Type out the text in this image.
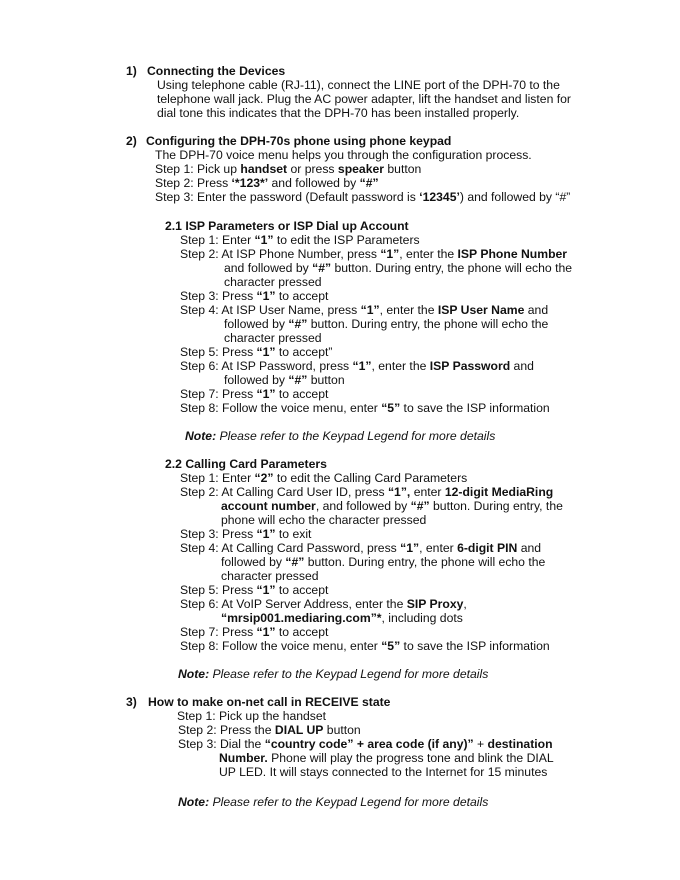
1) Connecting the Devices
Using telephone cable (RJ-11), connect the LINE port of the DPH-70 to the
telephone wall jack. Plug the AC power adapter, lift the handset and listen for
dial tone this indicates that the DPH-70 has been installed properly.
2) Configuring the DPH-70s phone using phone keypad
The DPH-70 voice menu helps you through the configuration process.
Step 1: Pick up handset or press speaker button
Step 2: Press ‘*123*’ and followed by “#”
Step 3: Enter the password (Default password is ‘12345’) and followed by “#”
2.1 ISP Parameters or ISP Dial up Account
Step 1: Enter “1” to edit the ISP Parameters
Step 2: At ISP Phone Number, press “1”, enter the ISP Phone Number
and followed by “#” button. During entry, the phone will echo the
character pressed
Step 3: Press “1” to accept
Step 4: At ISP User Name, press “1”, enter the ISP User Name and
followed by “#” button. During entry, the phone will echo the
character pressed
Step 5: Press “1” to accept”
Step 6: At ISP Password, press “1”, enter the ISP Password and
followed by “#” button
Step 7: Press “1” to accept
Step 8: Follow the voice menu, enter “5” to save the ISP information
Note: Please refer to the Keypad Legend for more details
2.2 Calling Card Parameters
Step 1: Enter “2” to edit the Calling Card Parameters
Step 2: At Calling Card User ID, press “1”, enter 12-digit MediaRing
account number, and followed by “#” button. During entry, the
phone will echo the character pressed
Step 3: Press “1” to exit
Step 4: At Calling Card Password, press “1”, enter 6-digit PIN and
followed by “#” button. During entry, the phone will echo the
character pressed
Step 5: Press “1” to accept
Step 6: At VoIP Server Address, enter the SIP Proxy,
“mrsip001.mediaring.com”*, including dots
Step 7: Press “1” to accept
Step 8: Follow the voice menu, enter “5” to save the ISP information
Note: Please refer to the Keypad Legend for more details
3) How to make on-net call in RECEIVE state
Step 1: Pick up the handset
Step 2: Press the DIAL UP button
Step 3: Dial the “country code” + area code (if any)” + destination
Number. Phone will play the progress tone and blink the DIAL
UP LED. It will stays connected to the Internet for 15 minutes
Note: Please refer to the Keypad Legend for more details
